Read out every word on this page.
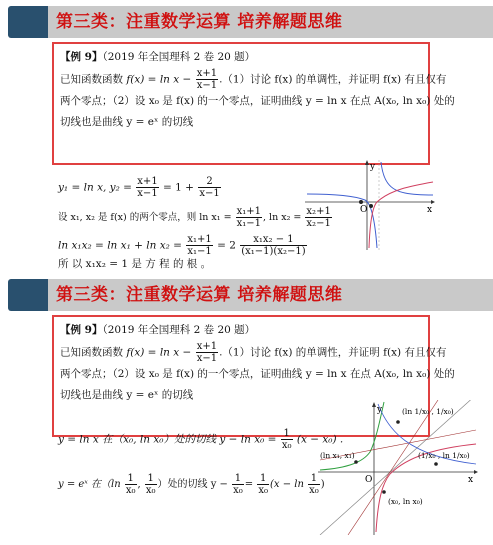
第三类：注重数学运算 培养解题思维
【例 9】（2019 年全国理科 2 卷 20 题）
已知函数函数 $f(x) = \ln x - \frac{x+1}{x-1} .(1)$讨论 f(x) 的单调性，并证明 f(x) 有且仅有
两个零点；（2）设 x₀ 是 f(x) 的一个零点，证明曲线 y = ln x 在点 A(x₀, ln x₀) 处的
切线也是曲线 y = eˣ 的切线
y₁ = ln x, $y_2 = \frac{x+1}{x-1} = 1 + \frac{2}{x-1}$
设 x₁, x₂ 是 f(x) 的两个零点，则 $\ln x_1 = \frac{\text{x₁+1}}{\text{x₁−1}}$ , $\ln x_2 = \frac{\text{x₂+1}}{\text{x₂−1}}$
$\ln x_1x_2 = \ln x_1 + \ln x_2 = \frac{\text{x₁+1}}{\text{x₁−1}} = 2 \frac{\text{x₁x₂ − 1}}{\text{(x₁−1)(x₂−1)}}$
所 以 x₁x₂ = 1 是 方 程 的 根 。
y
x
O
第三类：注重数学运算 培养解题思维
【例 9】（2019 年全国理科 2 卷 20 题）
已知函数函数 $f(x) = \ln x - \frac{x+1}{x-1} .(1)$讨论 f(x) 的单调性，并证明 f(x) 有且仅有
两个零点；（2）设 x₀ 是 f(x) 的一个零点，证明曲线 y = ln x 在点 A(x₀, ln x₀) 处的
切线也是曲线 y = eˣ 的切线
y = ln x 在（x₀, ln x₀）处的切线 $y - \ln x_0 = \frac{1}{\text{x₀}} (x - x_0)$ .
y = eˣ 在（$\ln \frac{1}{\text{x₀}}$ , $\frac{1}{\text{x₀}}$ ）处的切线 $y - \frac{1}{\text{x₀}} = \frac{1}{\text{x₀}} (x - \ln \frac{1}{\text{x₀}}$ )
y
x
O
(ln 1/x₀ , 1/x₀)
(ln x₁, x₁)	(1/x₀ , ln 1/x₀)
(x₀, ln x₀)
